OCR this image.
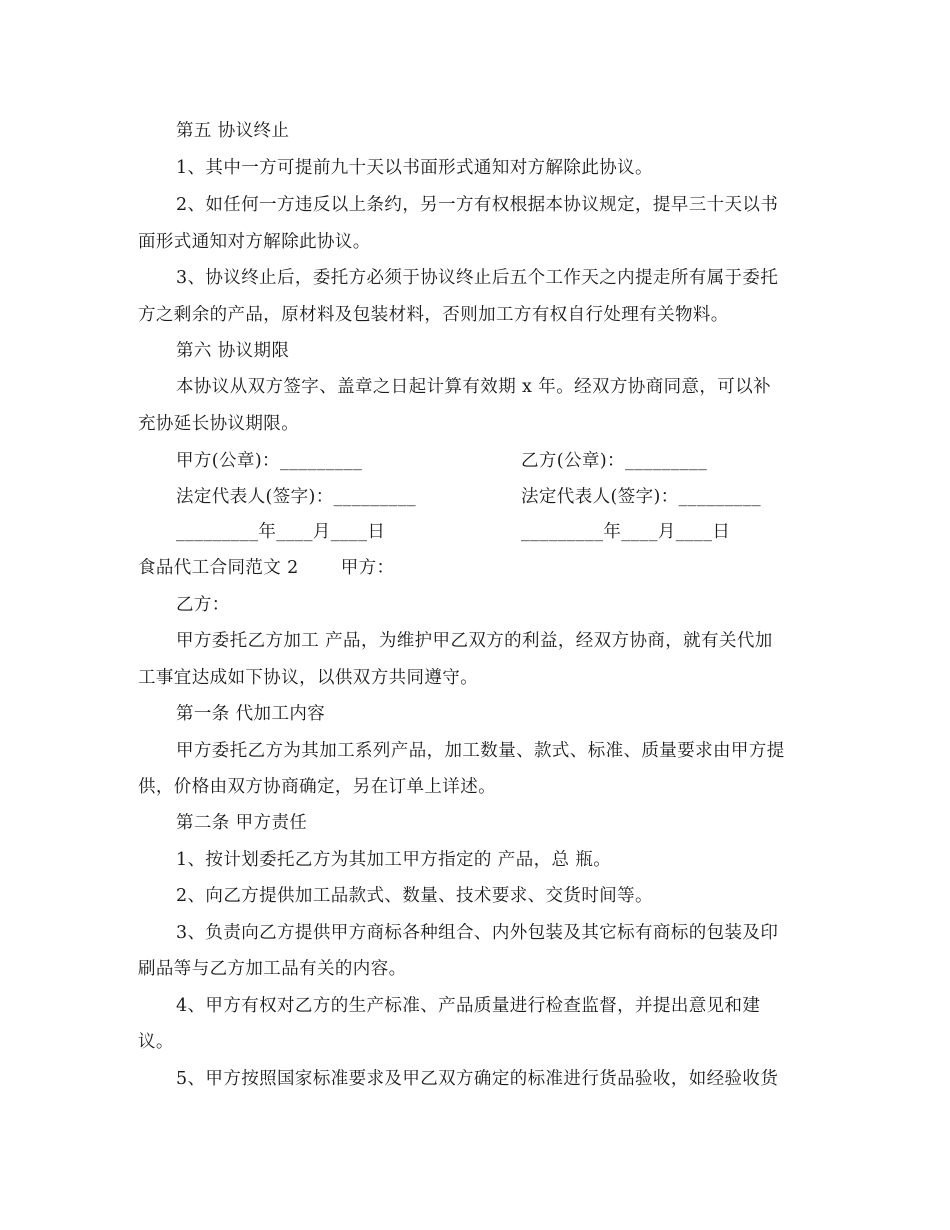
第五 协议终止
1、其中一方可提前九十天以书面形式通知对方解除此协议。
2、如任何一方违反以上条约，另一方有权根据本协议规定，提早三十天以书
面形式通知对方解除此协议。
3、协议终止后，委托方必须于协议终止后五个工作天之内提走所有属于委托
方之剩余的产品，原材料及包装材料，否则加工方有权自行处理有关物料。
第六 协议期限
本协议从双方签字、盖章之日起计算有效期 x 年。经双方协商同意，可以补
充协延长协议期限。
甲方(公章)：_________	乙方(公章)：_________
法定代表人(签字)：_________	法定代表人(签字)：_________
_________年____月____日	_________年____月____日
食品代工合同范文 2 甲方：
乙方：
甲方委托乙方加工 产品，为维护甲乙双方的利益，经双方协商，就有关代加
工事宜达成如下协议，以供双方共同遵守。
第一条 代加工内容
甲方委托乙方为其加工系列产品，加工数量、款式、标准、质量要求由甲方提
供，价格由双方协商确定，另在订单上详述。
第二条 甲方责任
1、按计划委托乙方为其加工甲方指定的 产品，总 瓶。
2、向乙方提供加工品款式、数量、技术要求、交货时间等。
3、负责向乙方提供甲方商标各种组合、内外包装及其它标有商标的包装及印
刷品等与乙方加工品有关的内容。
4、甲方有权对乙方的生产标准、产品质量进行检查监督，并提出意见和建
议。
5、甲方按照国家标准要求及甲乙双方确定的标准进行货品验收，如经验收货
